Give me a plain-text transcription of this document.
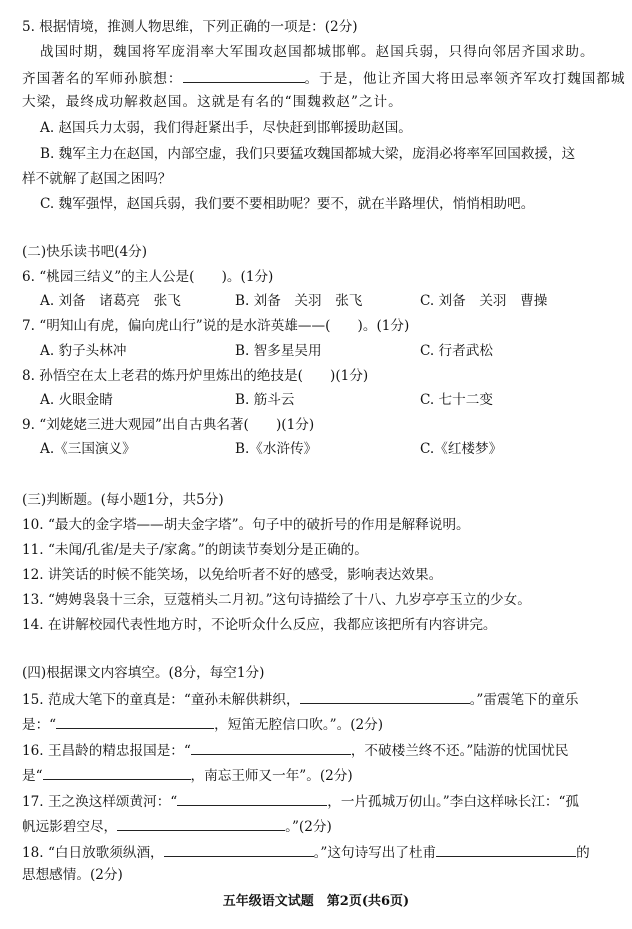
5. 根据情境，推测人物思维，下列正确的一项是：(2分)
战国时期，魏国将军庞涓率大军围攻赵国都城邯郸。赵国兵弱，只得向邻居齐国求助。
齐国著名的军师孙膑想：	。于是，他让齐国大将田忌率领齐军攻打魏国都城
大梁，最终成功解救赵国。这就是有名的“围魏救赵”之计。
A. 赵国兵力太弱，我们得赶紧出手，尽快赶到邯郸援助赵国。
B. 魏军主力在赵国，内部空虚，我们只要猛攻魏国都城大梁，庞涓必将率军回国救援，这
样不就解了赵国之困吗？
C. 魏军强悍，赵国兵弱，我们要不要相助呢？要不，就在半路埋伏，悄悄相助吧。
(二)快乐读书吧(4分)
6. “桃园三结义”的主人公是(　　)。(1分)
A. 刘备　诸葛亮　张飞	B. 刘备　关羽　张飞	C. 刘备　关羽　曹操
7. “明知山有虎，偏向虎山行”说的是水浒英雄——(　　)。(1分)
A. 豹子头林冲	B. 智多星吴用	C. 行者武松
8. 孙悟空在太上老君的炼丹炉里炼出的绝技是(　　)(1分)
A. 火眼金睛	B. 筋斗云	C. 七十二变
9. “刘姥姥三进大观园”出自古典名著(　　)(1分)
A.《三国演义》	B.《水浒传》	C.《红楼梦》
(三)判断题。(每小题1分，共5分)
10. “最大的金字塔——胡夫金字塔”。句子中的破折号的作用是解释说明。
11. “未闻/孔雀/是夫子/家禽。”的朗读节奏划分是正确的。
12. 讲笑话的时候不能笑场，以免给听者不好的感受，影响表达效果。
13. “娉娉袅袅十三余，豆蔻梢头二月初。”这句诗描绘了十八、九岁亭亭玉立的少女。
14. 在讲解校园代表性地方时，不论听众什么反应，我都应该把所有内容讲完。
(四)根据课文内容填空。(8分，每空1分)
15. 范成大笔下的童真是：“童孙未解供耕织，	。”雷震笔下的童乐
是：“	，短笛无腔信口吹。”。(2分)
16. 王昌龄的精忠报国是：“	，不破楼兰终不还。”陆游的忧国忧民
是“	，南忘王师又一年”。(2分)
17. 王之涣这样颂黄河：“	，一片孤城万仞山。”李白这样咏长江：“孤
帆远影碧空尽，	。”(2分)
18. “白日放歌须纵酒，	。”这句诗写出了杜甫	的
思想感情。(2分)
五年级语文试题　第2页(共6页)
